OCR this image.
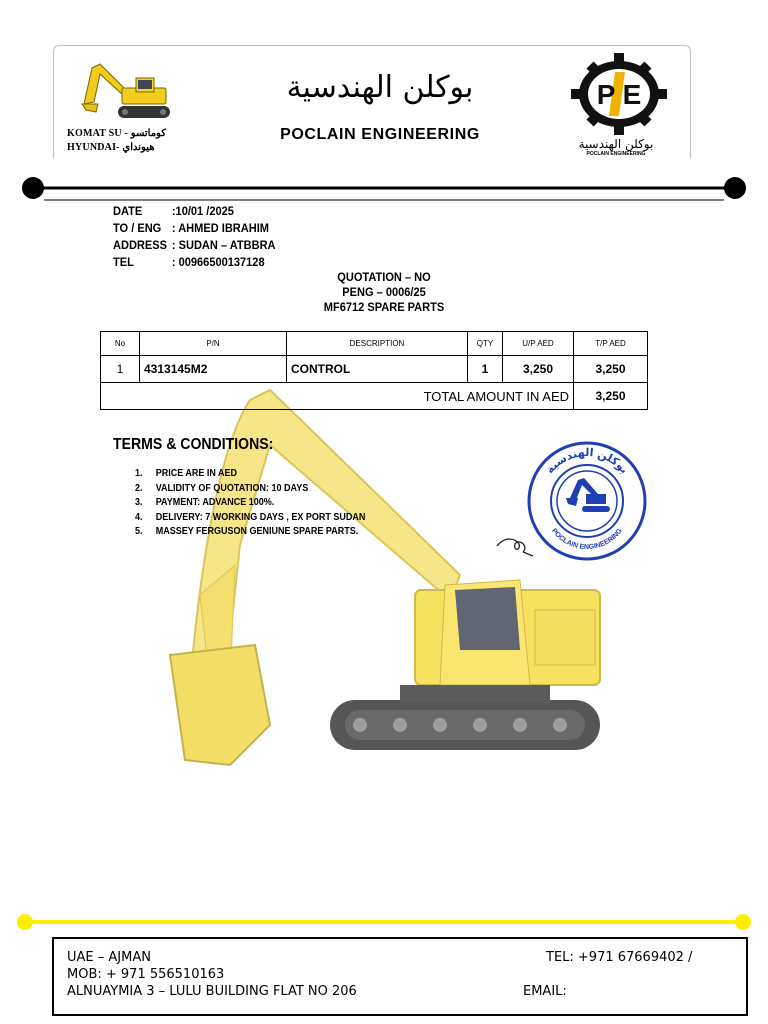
KOMAT SU - كوماتسو
HYUNDAI- هيونداي
بوكلن الهندسية
POCLAIN ENGINEERING
P E
بوكلن الهندسية
POCLAIN ENGINEERING
DATE :10/01 /2025
TO / ENG : AHMED IBRAHIM
ADDRESS : SUDAN – ATBBRA
TEL	: 00966500137128
QUOTATION – NO
PENG – 0006/25
MF6712 SPARE PARTS
No	P/N	DESCRIPTION	QTY	U/P AED	T/P AED
1	4313145M2	CONTROL	1	3,250	3,250
TOTAL AMOUNT IN AED					3,250
TERMS & CONDITIONS:
1. PRICE ARE IN AED
2. VALIDITY OF QUOTATION: 10 DAYS
3. PAYMENT: ADVANCE 100%.
4. DELIVERY: 7 WORKING DAYS , EX PORT SUDAN
5. MASSEY FERGUSON GENIUNE SPARE PARTS.
بوكلن الهندسية
POCLAIN ENGINEERING
UAE – AJMAN
MOB: + 971 556510163
ALNUAYMIA 3 – LULU BUILDING FLAT NO 206
TEL: +971 67669402 /
EMAIL:
